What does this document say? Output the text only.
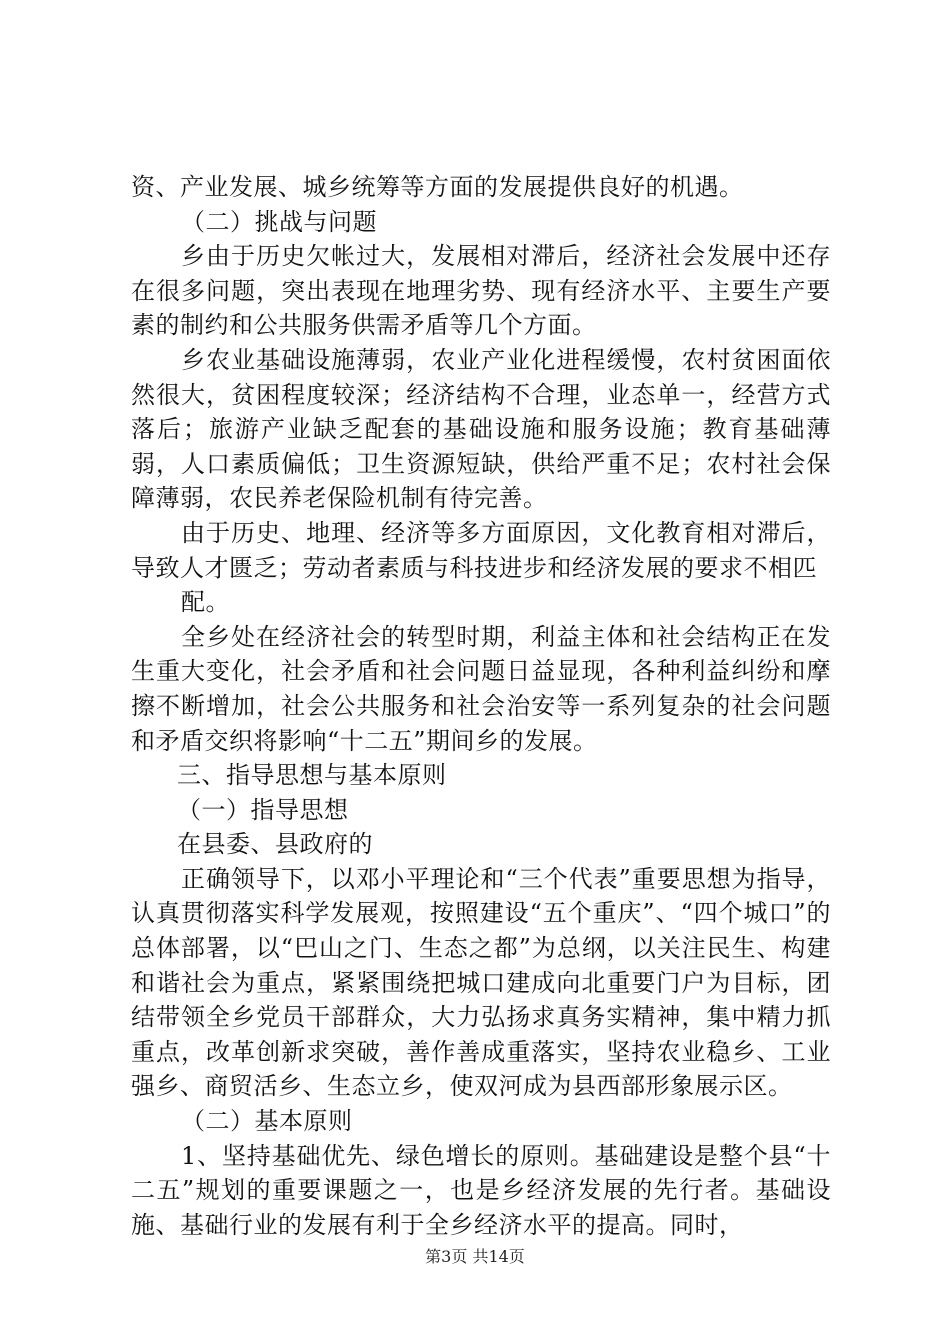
资、产业发展、城乡统筹等方面的发展提供良好的机遇。

（二）挑战与问题

乡由于历史欠帐过大，发展相对滞后，经济社会发展中还存在很多问题，突出表现在地理劣势、现有经济水平、主要生产要素的制约和公共服务供需矛盾等几个方面。

乡农业基础设施薄弱，农业产业化进程缓慢，农村贫困面依然很大，贫困程度较深；经济结构不合理，业态单一，经营方式落后；旅游产业缺乏配套的基础设施和服务设施；教育基础薄弱，人口素质偏低；卫生资源短缺，供给严重不足；农村社会保障薄弱，农民养老保险机制有待完善。

由于历史、地理、经济等多方面原因，文化教育相对滞后，导致人才匮乏；劳动者素质与科技进步和经济发展的要求不相匹

配。

全乡处在经济社会的转型时期，利益主体和社会结构正在发生重大变化，社会矛盾和社会问题日益显现，各种利益纠纷和摩擦不断增加，社会公共服务和社会治安等一系列复杂的社会问题和矛盾交织将影响“十二五”期间乡的发展。

三、指导思想与基本原则

（一）指导思想

在县委、县政府的

正确领导下，以邓小平理论和“三个代表”重要思想为指导，认真贯彻落实科学发展观，按照建设“五个重庆”、“四个城口”的总体部署，以“巴山之门、生态之都”为总纲，以关注民生、构建和谐社会为重点，紧紧围绕把城口建成向北重要门户为目标，团结带领全乡党员干部群众，大力弘扬求真务实精神，集中精力抓重点，改革创新求突破，善作善成重落实，坚持农业稳乡、工业强乡、商贸活乡、生态立乡，使双河成为县西部形象展示区。

（二）基本原则

1、坚持基础优先、绿色增长的原则。基础建设是整个县“十二五”规划的重要课题之一，也是乡经济发展的先行者。基础设施、基础行业的发展有利于全乡经济水平的提高。同时，

第3页 共14页
